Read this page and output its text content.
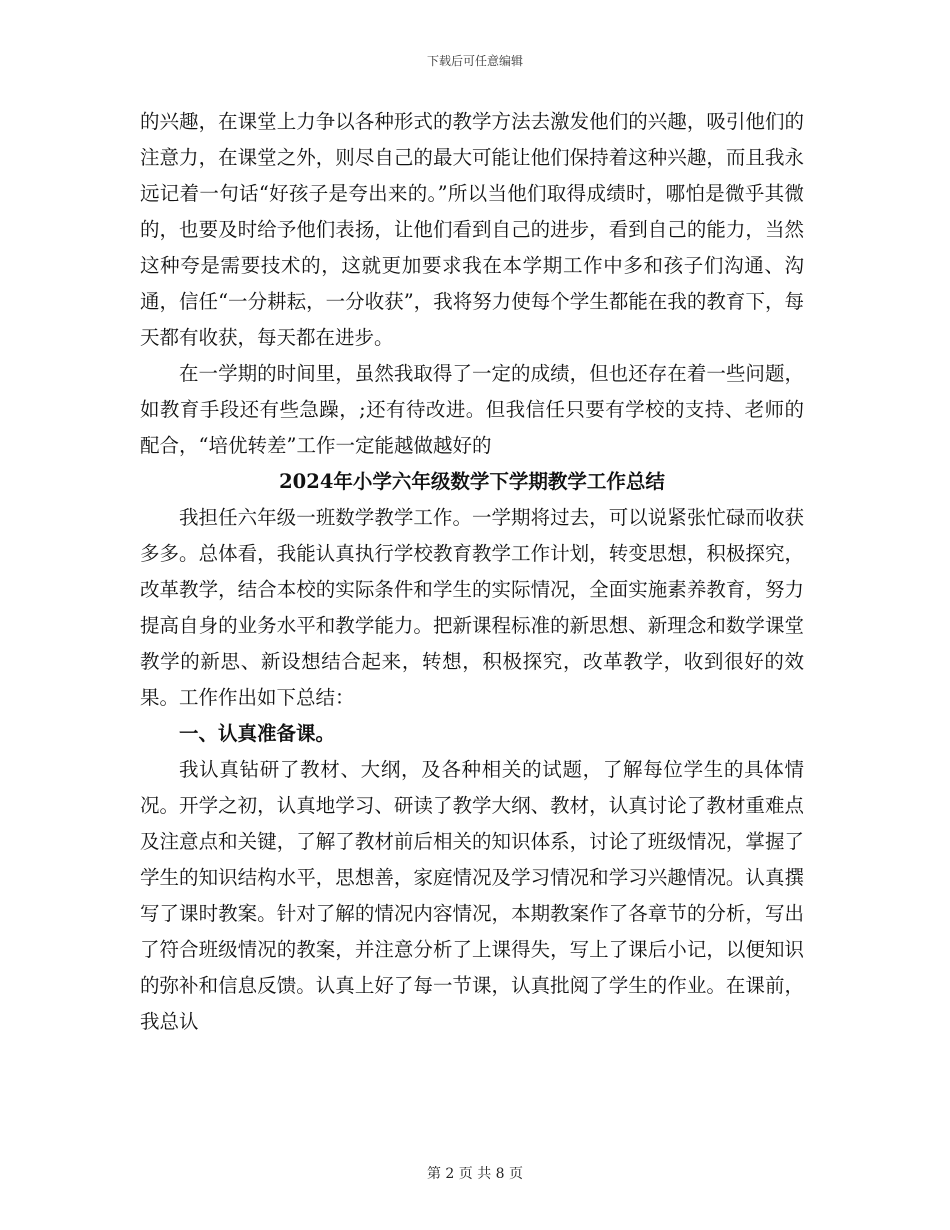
下载后可任意编辑

的兴趣，在课堂上力争以各种形式的教学方法去激发他们的兴趣，吸引他们的注意力，在课堂之外，则尽自己的最大可能让他们保持着这种兴趣，而且我永远记着一句话“好孩子是夸出来的。”所以当他们取得成绩时，哪怕是微乎其微的，也要及时给予他们表扬，让他们看到自己的进步，看到自己的能力，当然这种夸是需要技术的，这就更加要求我在本学期工作中多和孩子们沟通、沟通，信任“一分耕耘，一分收获”，我将努力使每个学生都能在我的教育下，每天都有收获，每天都在进步。

在一学期的时间里，虽然我取得了一定的成绩，但也还存在着一些问题，如教育手段还有些急躁，;还有待改进。但我信任只要有学校的支持、老师的配合，“培优转差”工作一定能越做越好的

2024年小学六年级数学下学期教学工作总结

我担任六年级一班数学教学工作。一学期将过去，可以说紧张忙碌而收获多多。总体看，我能认真执行学校教育教学工作计划，转变思想，积极探究，改革教学，结合本校的实际条件和学生的实际情况，全面实施素养教育，努力提高自身的业务水平和教学能力。把新课程标准的新思想、新理念和数学课堂教学的新思、新设想结合起来，转想，积极探究，改革教学，收到很好的效果。工作作出如下总结：

一、认真准备课。

我认真钻研了教材、大纲，及各种相关的试题，了解每位学生的具体情况。开学之初，认真地学习、研读了教学大纲、教材，认真讨论了教材重难点及注意点和关键，了解了教材前后相关的知识体系，讨论了班级情况，掌握了学生的知识结构水平，思想善，家庭情况及学习情况和学习兴趣情况。认真撰写了课时教案。针对了解的情况内容情况，本期教案作了各章节的分析，写出了符合班级情况的教案，并注意分析了上课得失，写上了课后小记，以便知识的弥补和信息反馈。认真上好了每一节课，认真批阅了学生的作业。在课前，我总认

第 2 页 共 8 页
